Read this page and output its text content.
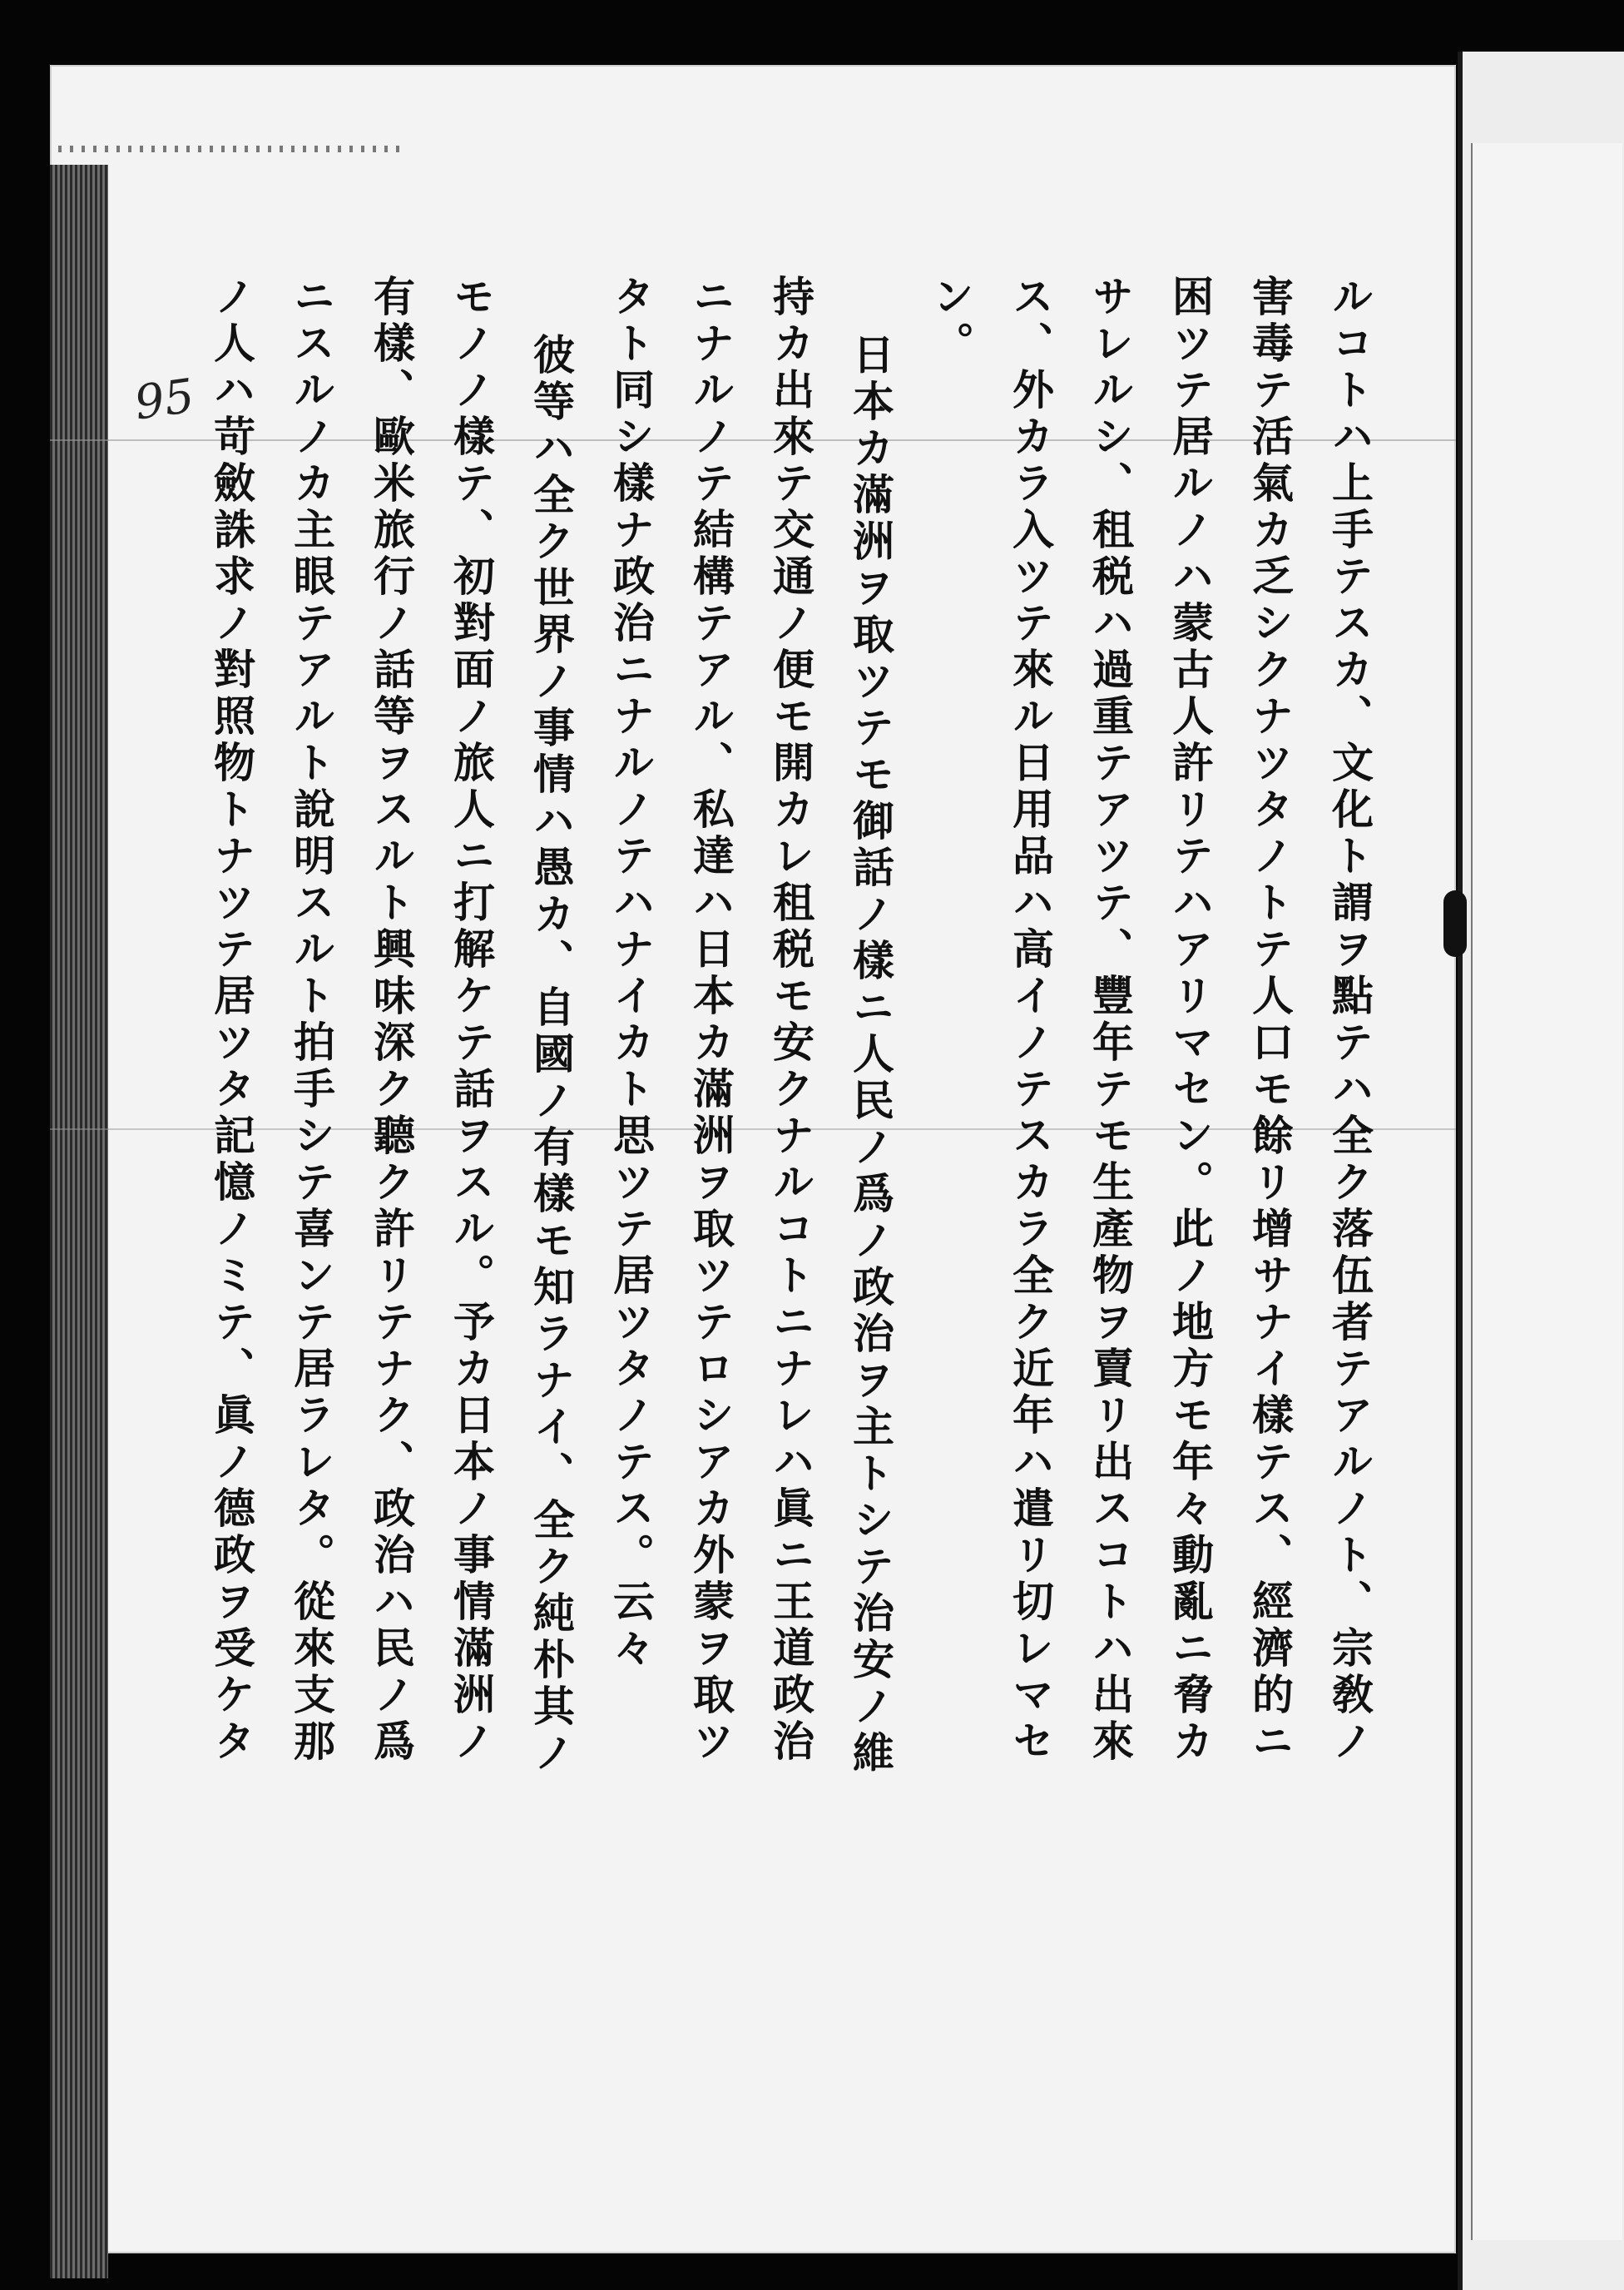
95	ルコトハ上手テスカ、文化ト謂ヲ點テハ全ク落伍者テアルノト、宗敎ノ
害毒テ活氣カ乏シクナツタノトテ人口モ餘リ增サナイ樣テス、經濟的ニ
困ツテ居ルノハ蒙古人許リテハアリマセン。此ノ地方モ年々動亂ニ脅カ
サレルシ、租税ハ過重テアツテ、豐年テモ生產物ヲ賣リ出スコトハ出來
ス、外カラ入ツテ來ル日用品ハ高イノテスカラ全ク近年ハ遣リ切レマセ
ン。
日本カ滿洲ヲ取ツテモ御話ノ樣ニ人民ノ爲ノ政治ヲ主トシテ治安ノ維
持カ出來テ交通ノ便モ開カレ租税モ安クナルコトニナレハ眞ニ王道政治
ニナルノテ結構テアル、私達ハ日本カ滿洲ヲ取ツテロシアカ外蒙ヲ取ツ
タト同シ樣ナ政治ニナルノテハナイカト思ツテ居ツタノテス。云々
彼等ハ全ク世界ノ事情ハ愚カ、自國ノ有樣モ知ラナイ、全ク純朴其ノ
モノノ樣テ、初對面ノ旅人ニ打解ケテ話ヲスル。予カ日本ノ事情滿洲ノ
有樣、歐米旅行ノ話等ヲスルト興味深ク聽ク許リテナク、政治ハ民ノ爲
ニスルノカ主眼テアルト說明スルト拍手シテ喜ンテ居ラレタ。從來支那
ノ人ハ苛斂誅求ノ對照物トナツテ居ツタ記憶ノミテ、眞ノ德政ヲ受ケタ
